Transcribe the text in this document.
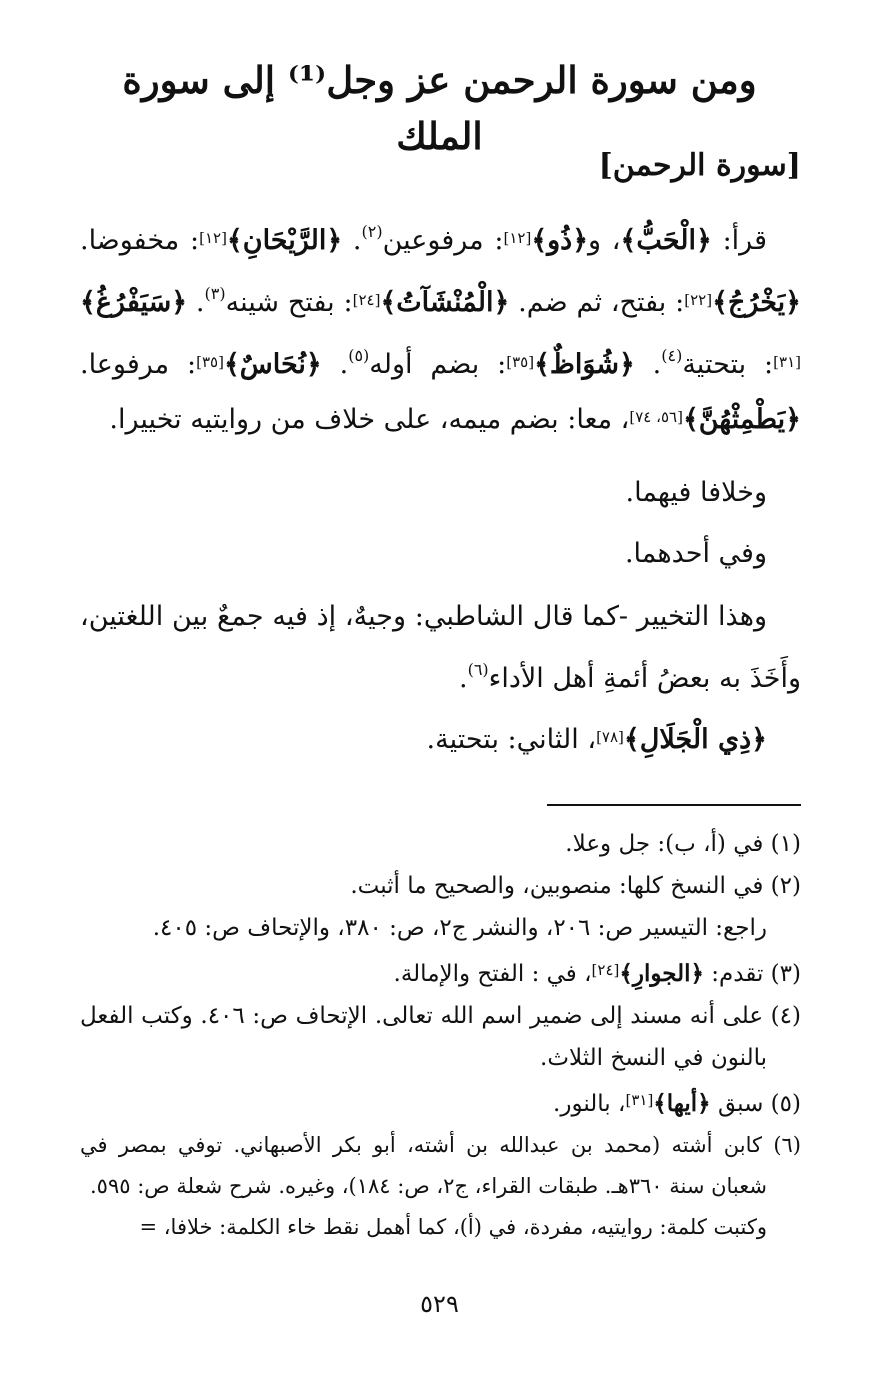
ومن سورة الرحمن عز وجل⁽¹⁾ إلى سورة الملك
[سورة الرحمن]

قرأ: ﴿الْحَبُّ﴾، و﴿ذُو﴾[١٢]: مرفوعين$^{(٢)}$. ﴿الرَّيْحَانِ﴾[١٢]: مخفوضا. ﴿يَخْرُجُ﴾[٢٢]: بفتح، ثم ضم. ﴿الْمُنْشَآتُ﴾[٢٤]: بفتح شينه$^{(٣)}$. ﴿سَيَفْرُغُ﴾[٣١]: بتحتية$^{(٤)}$. ﴿شُوَاظٌ﴾[٣٥]: بضم أوله$^{(٥)}$. ﴿نُحَاسٌ﴾[٣٥]: مرفوعا. ﴿يَطْمِثْهُنَّ﴾[٥٦، ٧٤]، معا: بضم ميمه، على خلاف من روايتيه تخييرا.

وخلافا فيهما.

وفي أحدهما.

وهذا التخيير -كما قال الشاطبي: وجيهٌ، إذ فيه جمعٌ بين اللغتين، وأَخَذَ به بعضُ أئمةِ أهل الأداء$^{(٦)}$.

﴿ذِي الْجَلَالِ﴾[٧٨]، الثاني: بتحتية.

(١) في (أ، ب): جل وعلا.

(٢) في النسخ كلها: منصوبين، والصحيح ما أثبت.

راجع: التيسير ص: ٢٠٦، والنشر ج٢، ص: ٣٨٠، والإتحاف ص: ٤٠٥.

(٣) تقدم: ﴿الجوارِ﴾[٢٤]، في : الفتح والإمالة.

(٤) على أنه مسند إلى ضمير اسم الله تعالى. الإتحاف ص: ٤٠٦. وكتب الفعل بالنون في النسخ الثلاث.

(٥) سبق ﴿أيها﴾[٣١]، بالنور.

(٦) كابن أشته (محمد بن عبدالله بن أشته، أبو بكر الأصبهاني. توفي بمصر في شعبان سنة ٣٦٠هـ. طبقات القراء، ج٢، ص: ١٨٤)، وغيره. شرح شعلة ص: ٥٩٥.

وكتبت كلمة: روايتيه، مفردة، في (أ)، كما أهمل نقط خاء الكلمة: خلافا، =

٥٢٩
